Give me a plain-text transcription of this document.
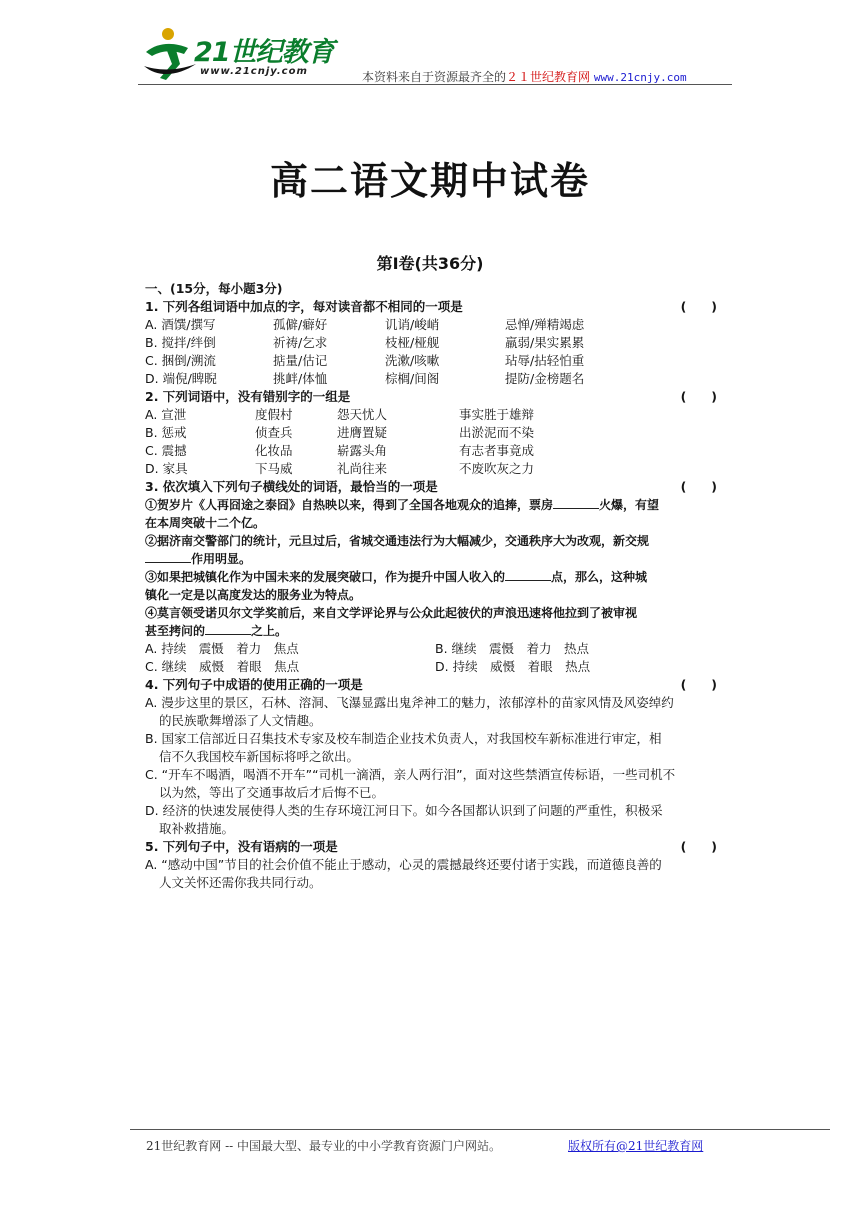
21世纪教育
www.21cnjy.com	本资料来自于资源最齐全的２１世纪教育网 www.21cnjy.com
高二语文期中试卷
第Ⅰ卷(共36分)
一、(15分，每小题3分)
1. 下列各组词语中加点的字，每对读音都不相同的一项是	(　　)
A. 酒馔/撰写	孤僻/癖好	讥诮/峻峭	忌惮/殚精竭虑
B. 搅拌/绊倒	祈祷/乞求	枝桠/桠舰	羸弱/果实累累
C. 捆倒/溯流	掂量/估记	洗漱/咳嗽	玷辱/拈轻怕重
D. 端倪/睥睨	挑衅/体恤	棕榈/间阁	提防/金榜题名
2. 下列词语中，没有错别字的一组是	(　　)
A. 宣泄	度假村	怨天忧人	事实胜于雄辩
B. 惩戒	侦查兵	进膺置疑	出淤泥而不染
C. 震撼	化妆品	崭露头角	有志者事竟成
D. 家具	下马威	礼尚往来	不废吹灰之力
3. 依次填入下列句子横线处的词语，最恰当的一项是	(　　)
①贺岁片《人再囧途之泰囧》自热映以来，得到了全国各地观众的追捧，票房	火爆，有望
在本周突破十二个亿。
②据济南交警部门的统计，元旦过后，省城交通违法行为大幅减少，交通秩序大为改观，新交规
作用明显。
③如果把城镇化作为中国未来的发展突破口，作为提升中国人收入的	点，那么，这种城
镇化一定是以高度发达的服务业为特点。
④莫言领受诺贝尔文学奖前后，来自文学评论界与公众此起彼伏的声浪迅速将他拉到了被审视
甚至拷问的	之上。
A. 持续　震慑　着力　焦点	B. 继续　震慑　着力　热点
C. 继续　威慑　着眼　焦点	D. 持续　威慑　着眼　热点
4. 下列句子中成语的使用正确的一项是	(　　)
A. 漫步这里的景区，石林、溶洞、飞瀑显露出鬼斧神工的魅力，浓郁淳朴的苗家风情及风姿绰约
的民族歌舞增添了人文情趣。
B. 国家工信部近日召集技术专家及校车制造企业技术负责人，对我国校车新标准进行审定，相
信不久我国校车新国标将呼之欲出。
C. “开车不喝酒，喝酒不开车”“司机一滴酒，亲人两行泪”，面对这些禁酒宣传标语，一些司机不
以为然，等出了交通事故后才后悔不已。
D. 经济的快速发展使得人类的生存环境江河日下。如今各国都认识到了问题的严重性，积极采
取补救措施。
5. 下列句子中，没有语病的一项是	(　　)
A. “感动中国”节目的社会价值不能止于感动，心灵的震撼最终还要付诸于实践，而道德良善的
人文关怀还需你我共同行动。
21世纪教育网 -- 中国最大型、最专业的中小学教育资源门户网站。	版权所有@21世纪教育网
